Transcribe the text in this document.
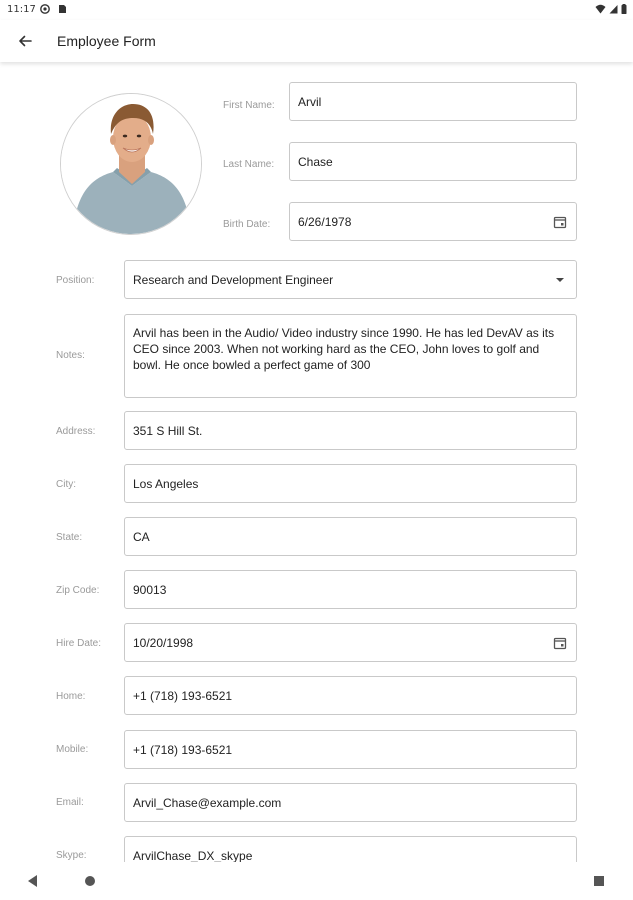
11:17
Employee Form
First Name: Arvil
Last Name: Chase
Birth Date: 6/26/1978
Position:	Research and Development Engineer
Notes:
Arvil has been in the Audio/ Video industry since 1990. He has led DevAV as its CEO since 2003. When not working hard as the CEO, John loves to golf and bowl. He once bowled a perfect game of 300
Address:	351 S Hill St.
City:	Los Angeles
State:	CA
Zip Code:	90013
Hire Date:	10/20/1998
Home:	+1 (718) 193-6521
Mobile:	+1 (718) 193-6521
Email:	Arvil_Chase@example.com
Skype:	ArvilChase_DX_skype
